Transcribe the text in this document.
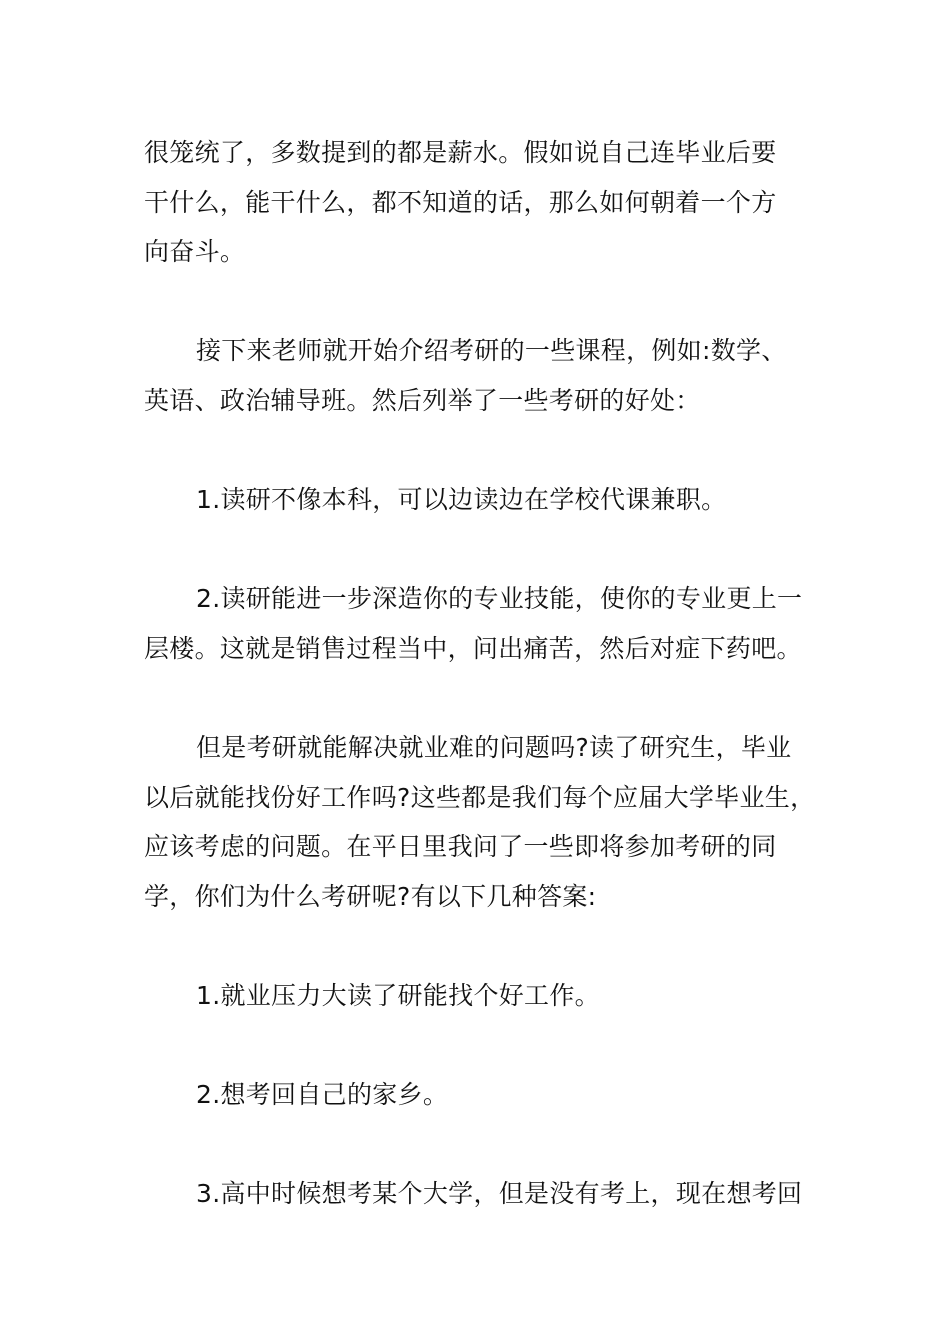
很笼统了，多数提到的都是薪水。假如说自己连毕业后要
干什么，能干什么，都不知道的话，那么如何朝着一个方
向奋斗。
接下来老师就开始介绍考研的一些课程，例如:数学、
英语、政治辅导班。然后列举了一些考研的好处：
1.读研不像本科，可以边读边在学校代课兼职。
2.读研能进一步深造你的专业技能，使你的专业更上一
层楼。这就是销售过程当中，问出痛苦，然后对症下药吧。
但是考研就能解决就业难的问题吗?读了研究生，毕业
以后就能找份好工作吗?这些都是我们每个应届大学毕业生，
应该考虑的问题。在平日里我问了一些即将参加考研的同
学，你们为什么考研呢?有以下几种答案:
1.就业压力大读了研能找个好工作。
2.想考回自己的家乡。
3.高中时候想考某个大学，但是没有考上，现在想考回
